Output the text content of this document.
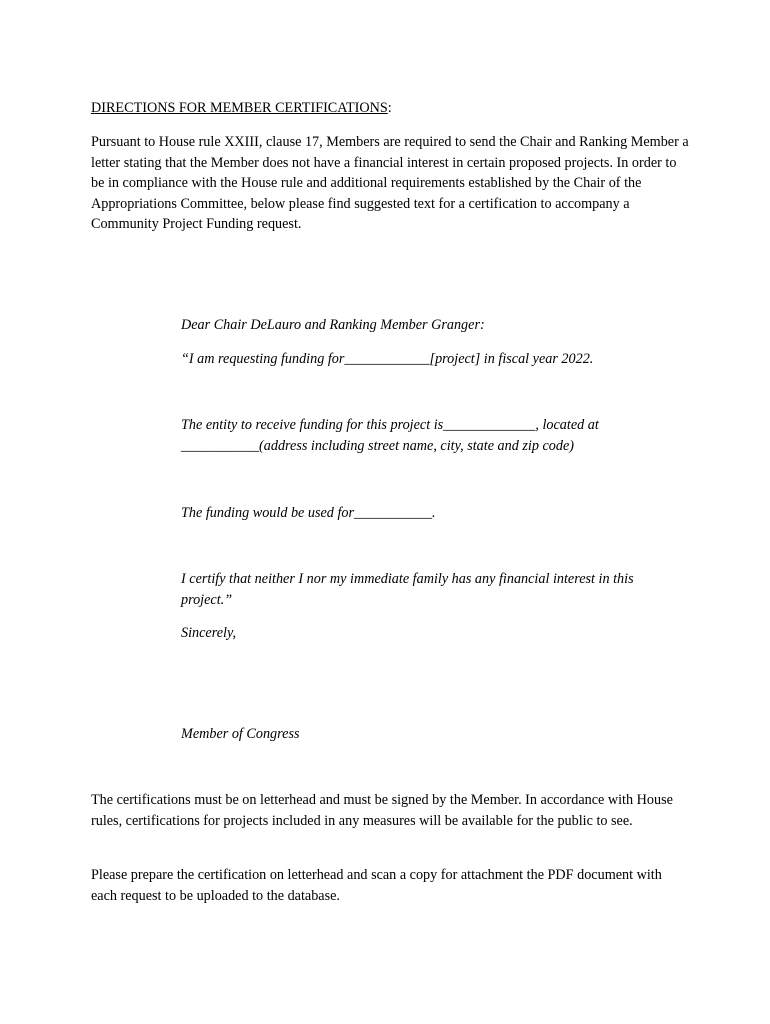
DIRECTIONS FOR MEMBER CERTIFICATIONS:

Pursuant to House rule XXIII, clause 17, Members are required to send the Chair and Ranking Member a letter stating that the Member does not have a financial interest in certain proposed projects. In order to be in compliance with the House rule and additional requirements established by the Chair of the Appropriations Committee, below please find suggested text for a certification to accompany a Community Project Funding request.

Dear Chair DeLauro and Ranking Member Granger:

“I am requesting funding for____________[project] in fiscal year 2022.

The entity to receive funding for this project is_____________, located at
___________(address including street name, city, state and zip code)

The funding would be used for___________.

I certify that neither I nor my immediate family has any financial interest in this
project.”

Sincerely,

Member of Congress

The certifications must be on letterhead and must be signed by the Member. In accordance with House rules, certifications for projects included in any measures will be available for the public to see.

Please prepare the certification on letterhead and scan a copy for attachment the PDF document with each request to be uploaded to the database.
